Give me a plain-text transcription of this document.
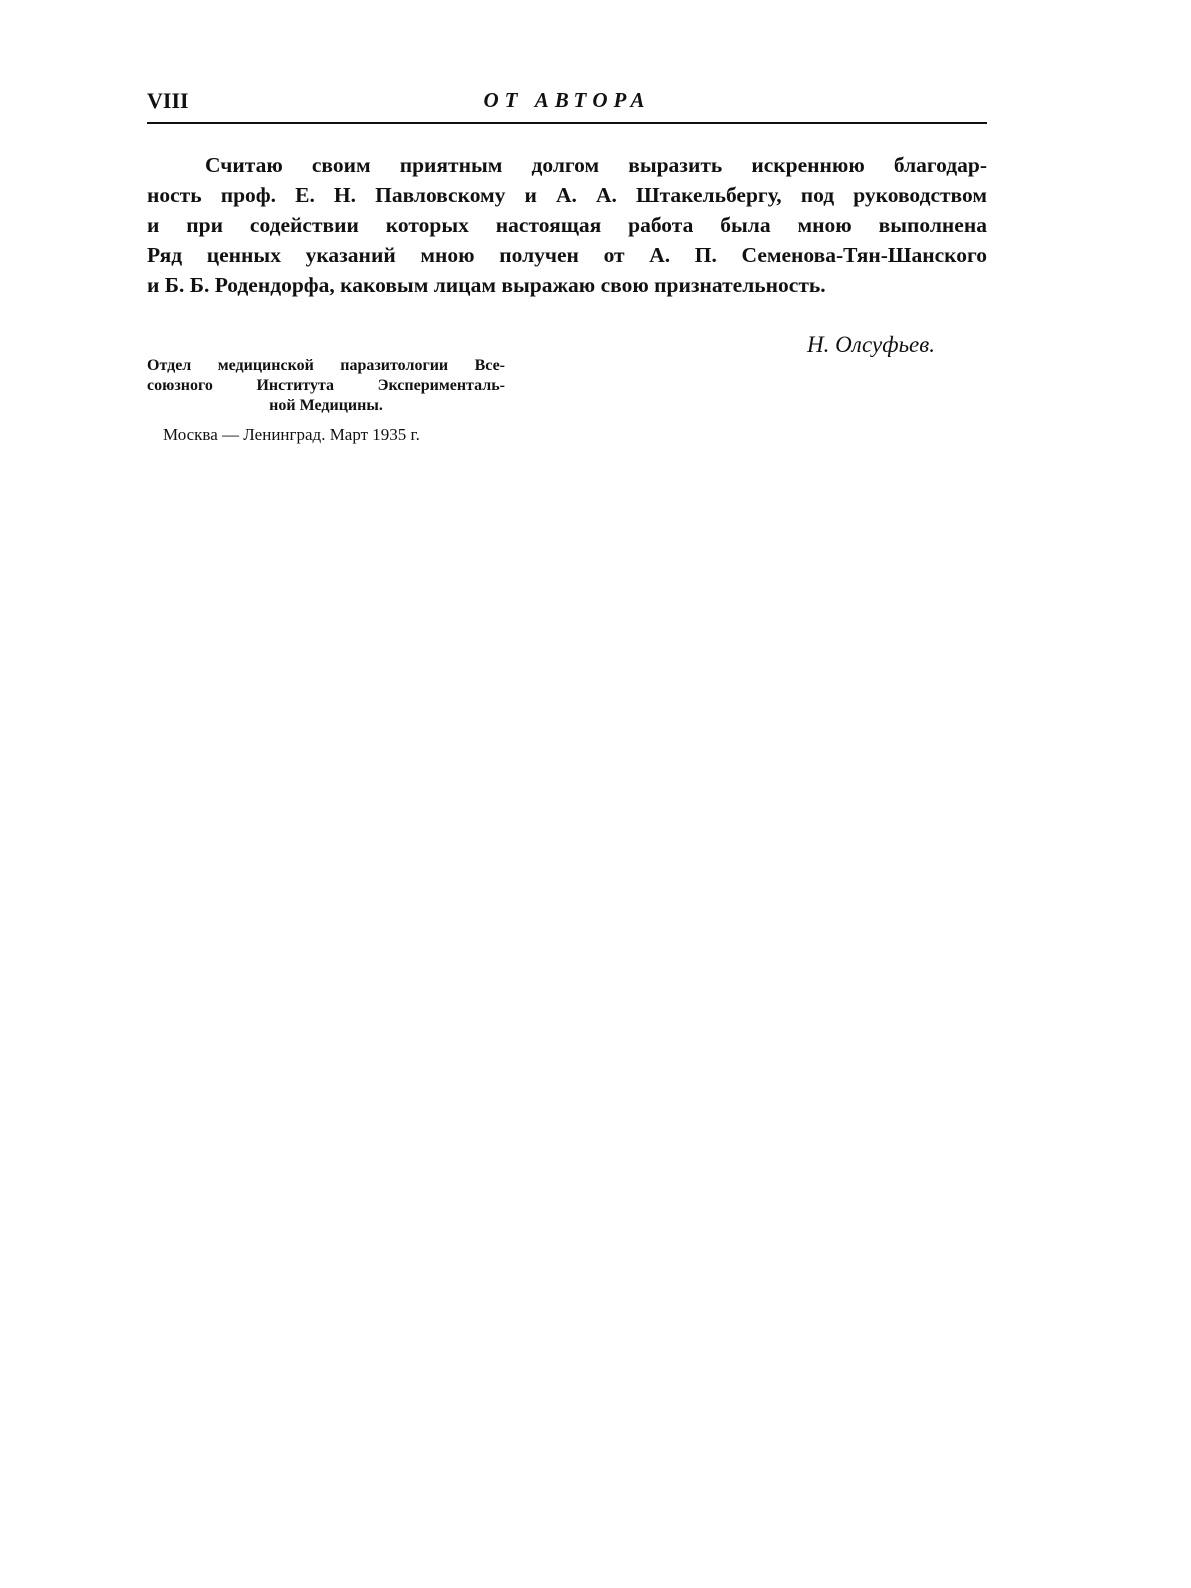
VIII	ОТ АВТОРА
Считаю своим приятным долгом выразить искреннюю благодар-
ность проф. Е. Н. Павловскому и А. А. Штакельбергу, под руководством
и при содействии которых настоящая работа была мною выполнена
Ряд ценных указаний мною получен от А. П. Семенова-Тян-Шанского
и Б. Б. Родендорфа, каковым лицам выражаю свою признательность.
Н. Олсуфьев.
Отдел медицинской паразитологии Все-
союзного Института Эксперименталь-
ной Медицины.
Москва — Ленинград. Март 1935 г.
